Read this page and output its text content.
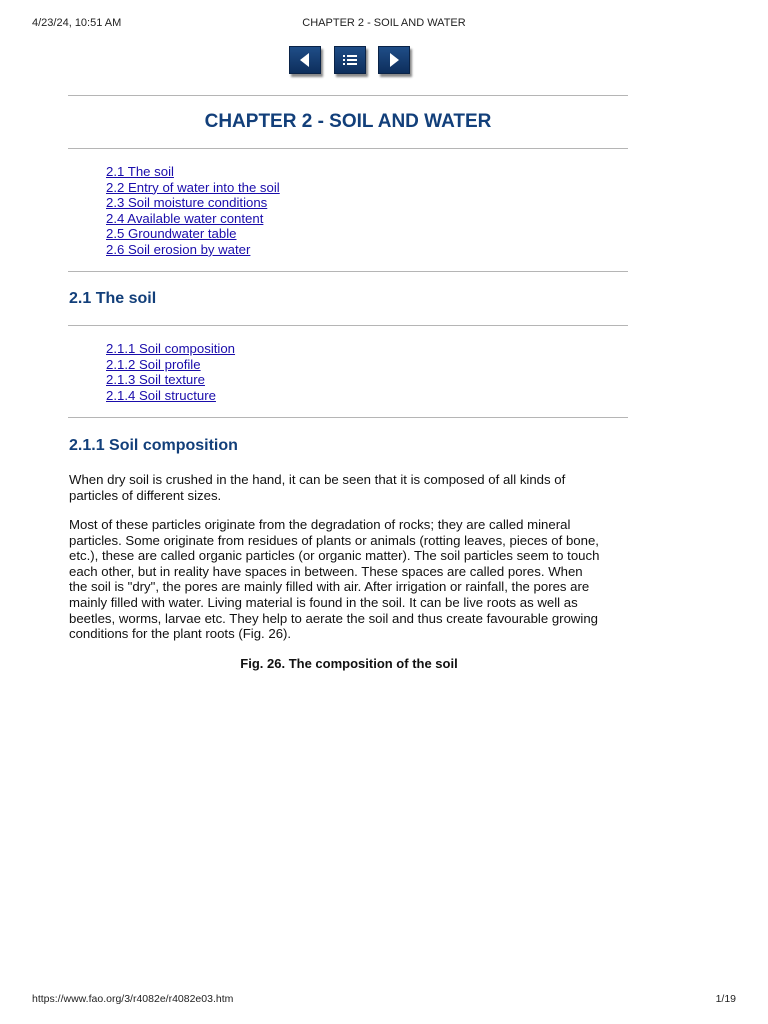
4/23/24, 10:51 AM	CHAPTER 2 - SOIL AND WATER
CHAPTER 2 - SOIL AND WATER
2.1 The soil
2.2 Entry of water into the soil
2.3 Soil moisture conditions
2.4 Available water content
2.5 Groundwater table
2.6 Soil erosion by water
2.1 The soil
2.1.1 Soil composition
2.1.2 Soil profile
2.1.3 Soil texture
2.1.4 Soil structure
2.1.1 Soil composition
When dry soil is crushed in the hand, it can be seen that it is composed of all kinds of
particles of different sizes.
Most of these particles originate from the degradation of rocks; they are called mineral
particles. Some originate from residues of plants or animals (rotting leaves, pieces of bone,
etc.), these are called organic particles (or organic matter). The soil particles seem to touch
each other, but in reality have spaces in between. These spaces are called pores. When
the soil is "dry", the pores are mainly filled with air. After irrigation or rainfall, the pores are
mainly filled with water. Living material is found in the soil. It can be live roots as well as
beetles, worms, larvae etc. They help to aerate the soil and thus create favourable growing
conditions for the plant roots (Fig. 26).

Fig. 26. The composition of the soil

https://www.fao.org/3/r4082e/r4082e03.htm	1/19
